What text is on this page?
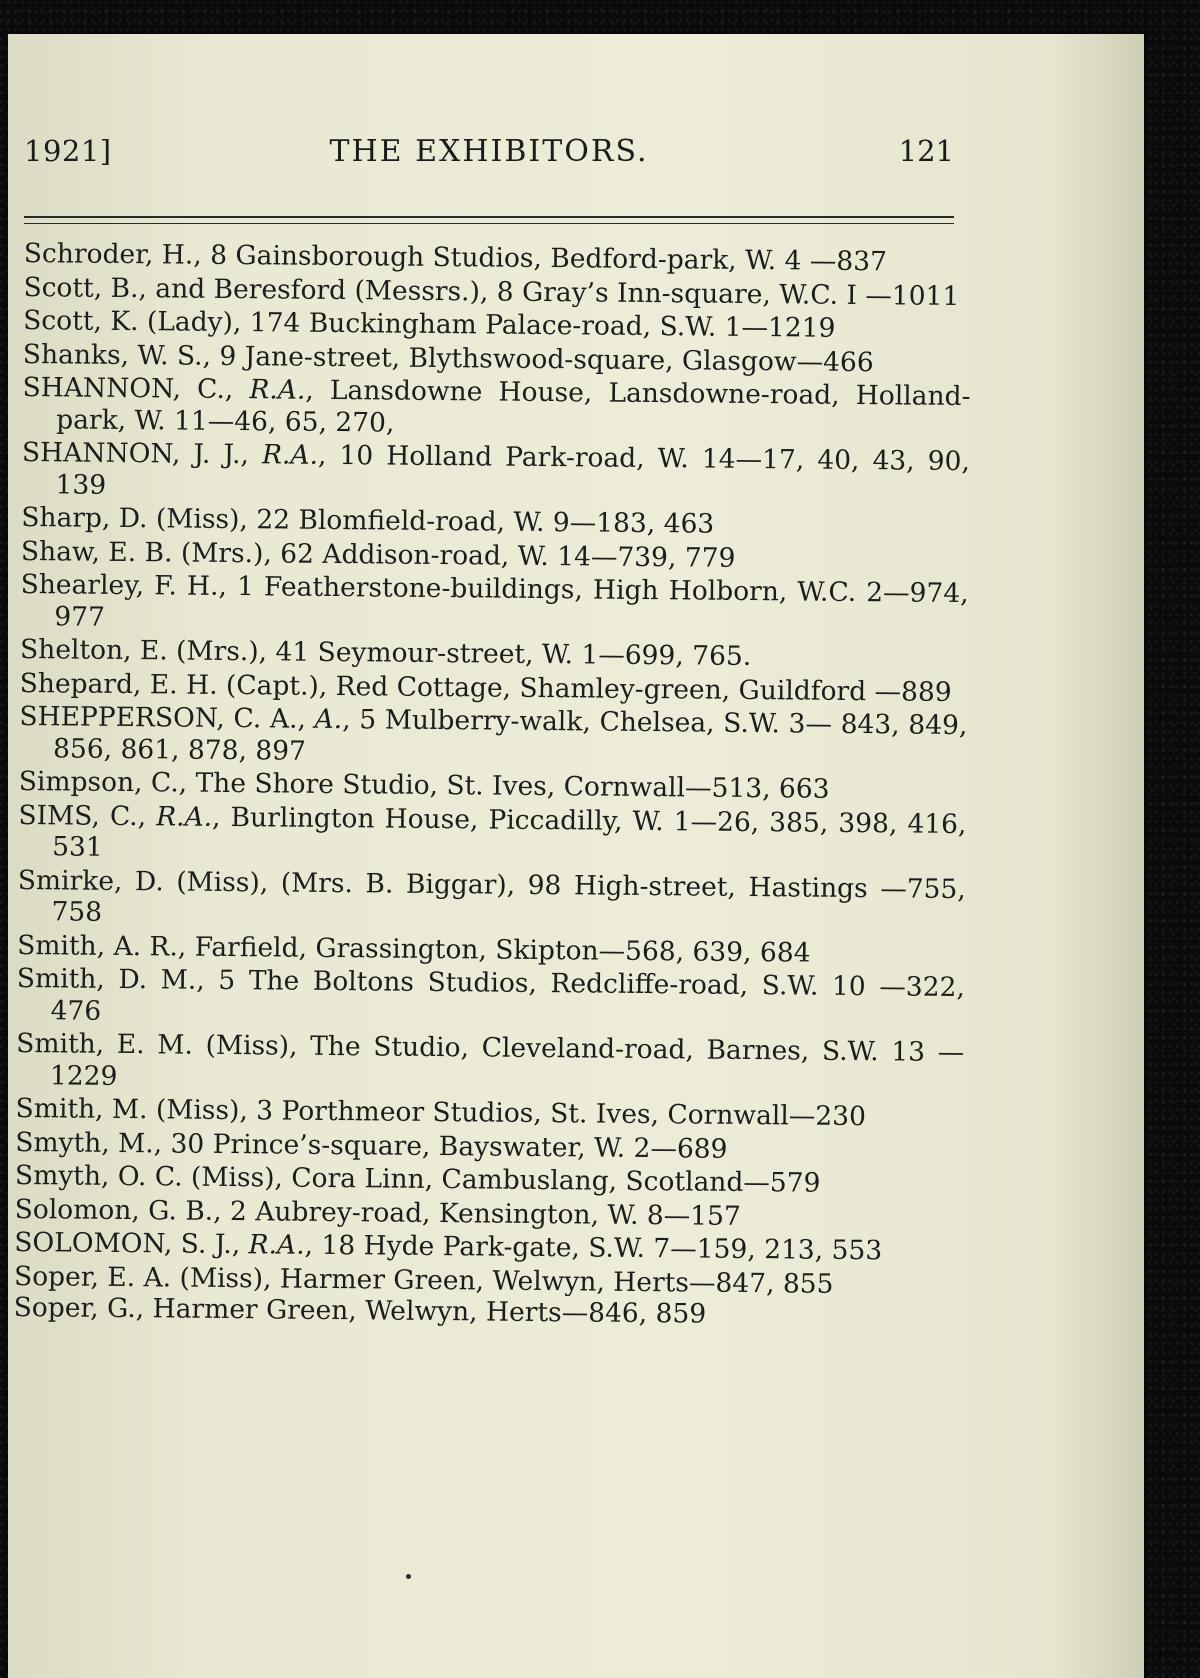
1921]	THE EXHIBITORS.	121

Schroder, H., 8 Gainsborough Studios, Bedford-park, W. 4 —837

Scott, B., and Beresford (Messrs.), 8 Gray’s Inn-square, W.C. I —1011

Scott, K. (Lady), 174 Buckingham Palace-road, S.W. 1—1219

Shanks, W. S., 9 Jane-street, Blythswood-square, Glasgow—466

SHANNON, C., R.A., Lansdowne House, Lansdowne-road, Holland-park, W. 11—46, 65, 270,

SHANNON, J. J., R.A., 10 Holland Park-road, W. 14—17, 40, 43, 90, 139

Sharp, D. (Miss), 22 Blomfield-road, W. 9—183, 463

Shaw, E. B. (Mrs.), 62 Addison-road, W. 14—739, 779

Shearley, F. H., 1 Featherstone-buildings, High Holborn, W.C. 2—974, 977

Shelton, E. (Mrs.), 41 Seymour-street, W. 1—699, 765.

Shepard, E. H. (Capt.), Red Cottage, Shamley-green, Guildford —889

SHEPPERSON, C. A., A., 5 Mulberry-walk, Chelsea, S.W. 3— 843, 849, 856, 861, 878, 897

Simpson, C., The Shore Studio, St. Ives, Cornwall—513, 663

SIMS, C., R.A., Burlington House, Piccadilly, W. 1—26, 385, 398, 416, 531

Smirke, D. (Miss), (Mrs. B. Biggar), 98 High-street, Hastings —755, 758

Smith, A. R., Farfield, Grassington, Skipton—568, 639, 684

Smith, D. M., 5 The Boltons Studios, Redcliffe-road, S.W. 10 —322, 476

Smith, E. M. (Miss), The Studio, Cleveland-road, Barnes, S.W. 13 —1229

Smith, M. (Miss), 3 Porthmeor Studios, St. Ives, Cornwall—230

Smyth, M., 30 Prince’s-square, Bayswater, W. 2—689

Smyth, O. C. (Miss), Cora Linn, Cambuslang, Scotland—579

Solomon, G. B., 2 Aubrey-road, Kensington, W. 8—157

SOLOMON, S. J., R.A., 18 Hyde Park-gate, S.W. 7—159, 213, 553

Soper, E. A. (Miss), Harmer Green, Welwyn, Herts—847, 855

Soper, G., Harmer Green, Welwyn, Herts—846, 859
